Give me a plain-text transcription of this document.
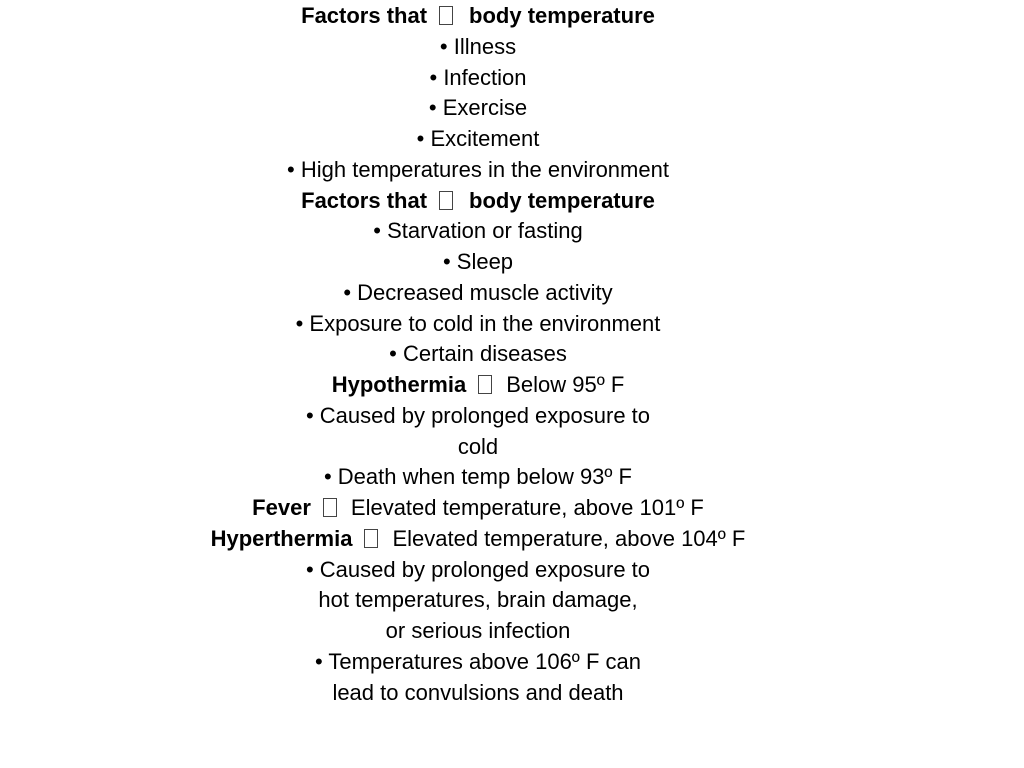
Factors that body temperature
• Illness
• Infection
• Exercise
• Excitement
• High temperatures in the environment
Factors that body temperature
• Starvation or fasting
• Sleep
• Decreased muscle activity
• Exposure to cold in the environment
• Certain diseases
Hypothermia Below 95º F
• Caused by prolonged exposure to
cold
• Death when temp below 93º F
Fever Elevated temperature, above 101º F
Hyperthermia Elevated temperature, above 104º F
• Caused by prolonged exposure to
hot temperatures, brain damage,
or serious infection
• Temperatures above 106º F can
lead to convulsions and death
